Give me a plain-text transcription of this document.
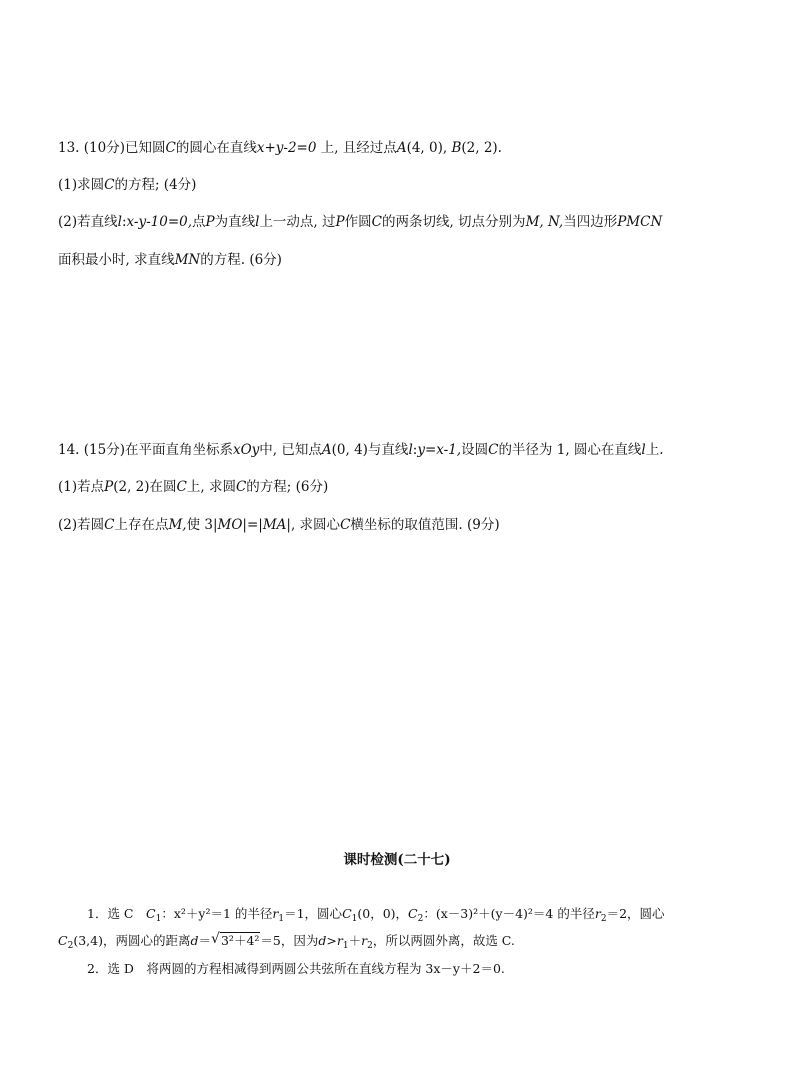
13. (10分)已知圆C的圆心在直线x+y-2=0 上, 且经过点A(4, 0), B(2, 2).
(1)求圆C的方程; (4分)
(2)若直线l:x-y-10=0,点P为直线l上一动点, 过P作圆C的两条切线, 切点分别为M, N,当四边形PMCN
面积最小时, 求直线MN的方程. (6分)
14. (15分)在平面直角坐标系xOy中, 已知点A(0, 4)与直线l:y=x-1,设圆C的半径为 1, 圆心在直线l上.
(1)若点P(2, 2)在圆C上, 求圆C的方程; (6分)
(2)若圆C上存在点M,使 3|MO|=|MA|, 求圆心C横坐标的取值范围. (9分)
课时检测(二十七)
1．选 C　$C_1$：x²＋y²＝1 的半径$r_1=1$，圆心$C_1(0$，0)，$C_2$：(x－3)²＋(y－4)²＝4 的半径$r_2=2$，圆心
$C_2(3,4)$，两圆心的距离d＝ √ 3²＋4²＝5，因为$d>r_1+r_2$，所以两圆外离，故选 C.
2．选 D　将两圆的方程相减得到两圆公共弦所在直线方程为 3x－y＋2＝0.
